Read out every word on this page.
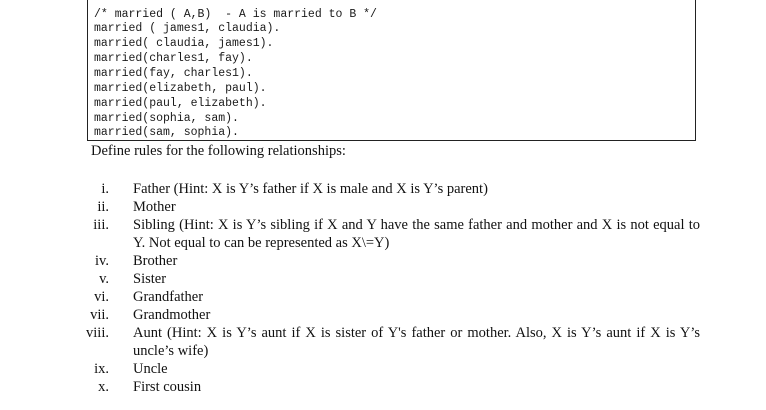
/* married ( A,B)  - A is married to B */
married ( james1, claudia).
married( claudia, james1).
married(charles1, fay).
married(fay, charles1).
married(elizabeth, paul).
married(paul, elizabeth).
married(sophia, sam).
married(sam, sophia).
Define rules for the following relationships:
i. Father (Hint: X is Y’s father if X is male and X is Y’s parent)
ii. Mother
iii. Sibling (Hint: X is Y’s sibling if X and Y have the same father and mother and X is not equal to Y. Not equal to can be represented as X\=Y)
iv. Brother
v. Sister
vi. Grandfather
vii. Grandmother
viii. Aunt (Hint: X is Y’s aunt if X is sister of Y's father or mother. Also, X is Y’s aunt if X is Y’s uncle’s wife)
ix. Uncle
x. First cousin
